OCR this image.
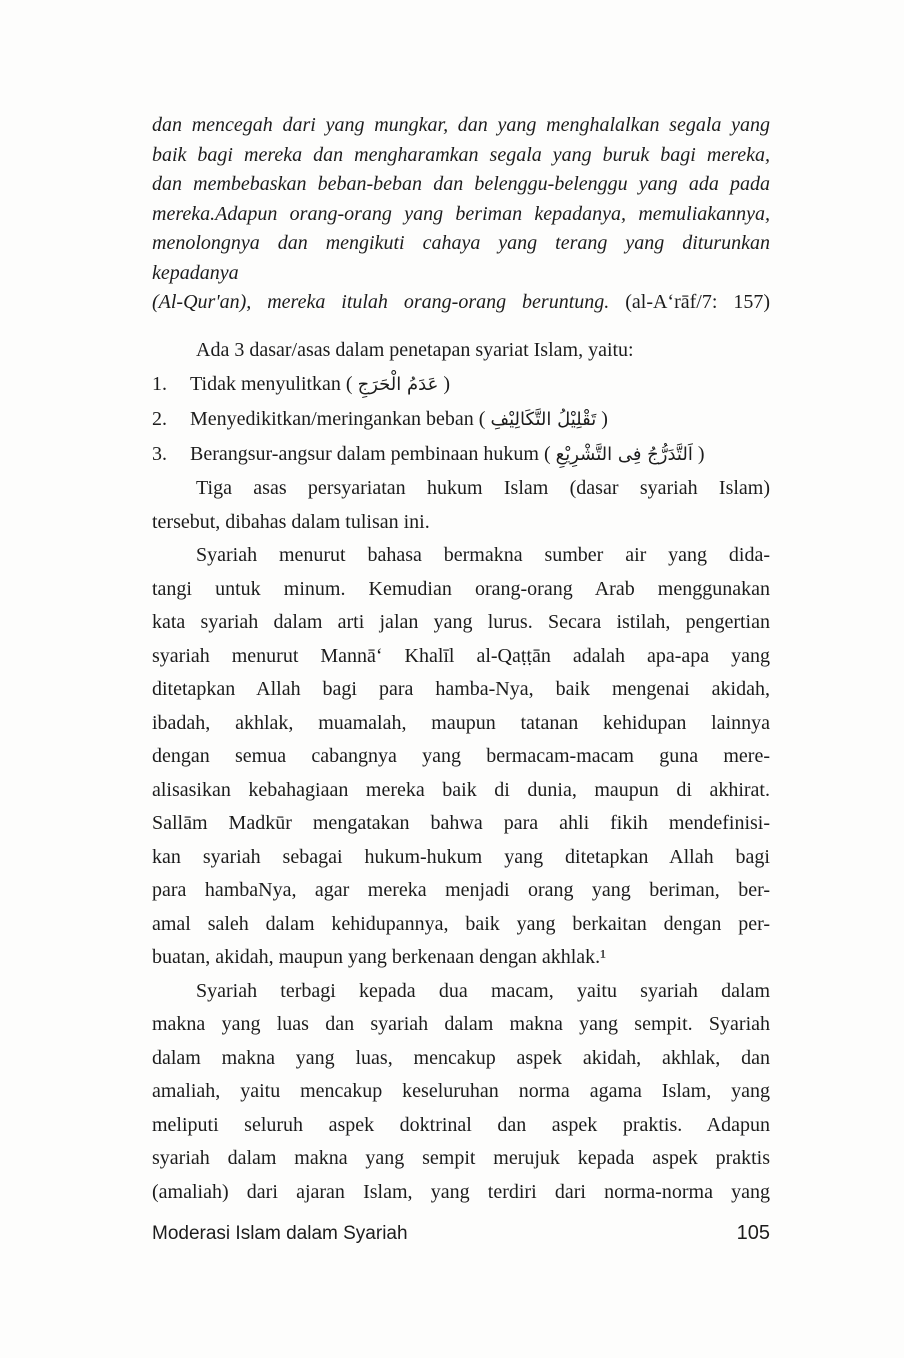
dan mencegah dari yang mungkar, dan yang menghalalkan segala yang
baik bagi mereka dan mengharamkan segala yang buruk bagi mereka,
dan membebaskan beban-beban dan belenggu-belenggu yang ada pada
mereka.Adapun orang-orang yang beriman kepadanya, memuliakannya,
menolongnya dan mengikuti cahaya yang terang yang diturunkan kepadanya
(Al-Qur'an), mereka itulah orang-orang beruntung. (al-A‘rāf/7: 157)
Ada 3 dasar/asas dalam penetapan syariat Islam, yaitu:
1. Tidak menyulitkan ( عَدَمُ الْحَرَجِ )
2. Menyedikitkan/meringankan beban ( تَقْلِيْلُ التَّكَالِيْفِ )
3. Berangsur-angsur dalam pembinaan hukum ( اَلتَّدَرُّجُ فِى التَّشْرِيْعِ )
Tiga asas persyariatan hukum Islam (dasar syariah Islam)
tersebut, dibahas dalam tulisan ini.
Syariah menurut bahasa bermakna sumber air yang dida-
tangi untuk minum. Kemudian orang-orang Arab menggunakan
kata syariah dalam arti jalan yang lurus. Secara istilah, pengertian
syariah menurut Mannā‘ Khalīl al-Qaṭṭān adalah apa-apa yang
ditetapkan Allah bagi para hamba-Nya, baik mengenai akidah,
ibadah, akhlak, muamalah, maupun tatanan kehidupan lainnya
dengan semua cabangnya yang bermacam-macam guna mere-
alisasikan kebahagiaan mereka baik di dunia, maupun di akhirat.
Sallām Madkūr mengatakan bahwa para ahli fikih mendefinisi-
kan syariah sebagai hukum-hukum yang ditetapkan Allah bagi
para hambaNya, agar mereka menjadi orang yang beriman, ber-
amal saleh dalam kehidupannya, baik yang berkaitan dengan per-
buatan, akidah, maupun yang berkenaan dengan akhlak.¹
Syariah terbagi kepada dua macam, yaitu syariah dalam
makna yang luas dan syariah dalam makna yang sempit. Syariah
dalam makna yang luas, mencakup aspek akidah, akhlak, dan
amaliah, yaitu mencakup keseluruhan norma agama Islam, yang
meliputi seluruh aspek doktrinal dan aspek praktis. Adapun
syariah dalam makna yang sempit merujuk kepada aspek praktis
(amaliah) dari ajaran Islam, yang terdiri dari norma-norma yang
Moderasi Islam dalam Syariah	105
